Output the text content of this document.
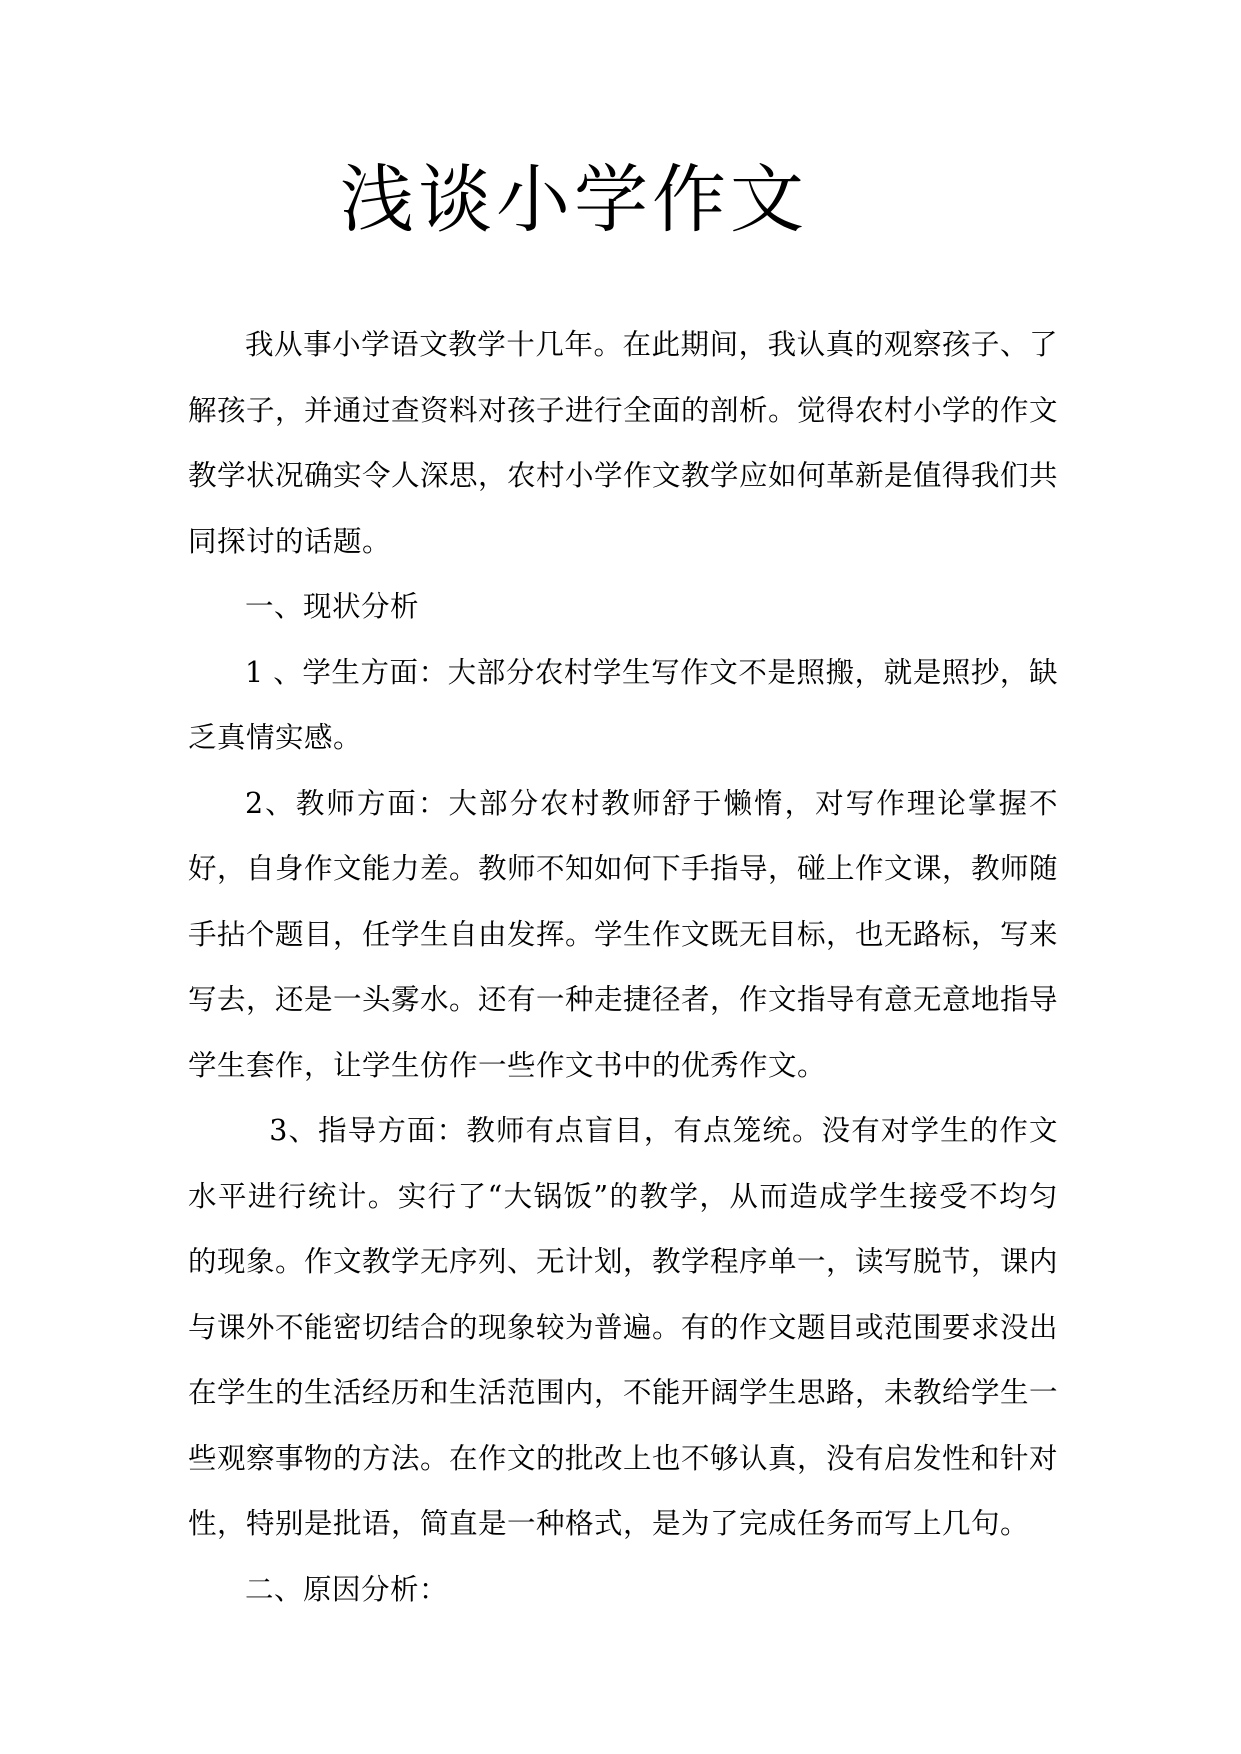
浅谈小学作文

我从事小学语文教学十几年。在此期间，我认真的观察孩子、了解孩子，并通过查资料对孩子进行全面的剖析。觉得农村小学的作文教学状况确实令人深思，农村小学作文教学应如何革新是值得我们共同探讨的话题。

一、现状分析

1 、学生方面：大部分农村学生写作文不是照搬，就是照抄，缺乏真情实感。

2、教师方面：大部分农村教师舒于懒惰，对写作理论掌握不好，自身作文能力差。教师不知如何下手指导，碰上作文课，教师随手拈个题目，任学生自由发挥。学生作文既无目标，也无路标，写来写去，还是一头雾水。还有一种走捷径者，作文指导有意无意地指导学生套作，让学生仿作一些作文书中的优秀作文。

3、指导方面：教师有点盲目，有点笼统。没有对学生的作文水平进行统计。实行了“大锅饭”的教学，从而造成学生接受不均匀的现象。作文教学无序列、无计划，教学程序单一，读写脱节，课内与课外不能密切结合的现象较为普遍。有的作文题目或范围要求没出在学生的生活经历和生活范围内，不能开阔学生思路，未教给学生一些观察事物的方法。在作文的批改上也不够认真，没有启发性和针对性，特别是批语，简直是一种格式，是为了完成任务而写上几句。

二、原因分析：
